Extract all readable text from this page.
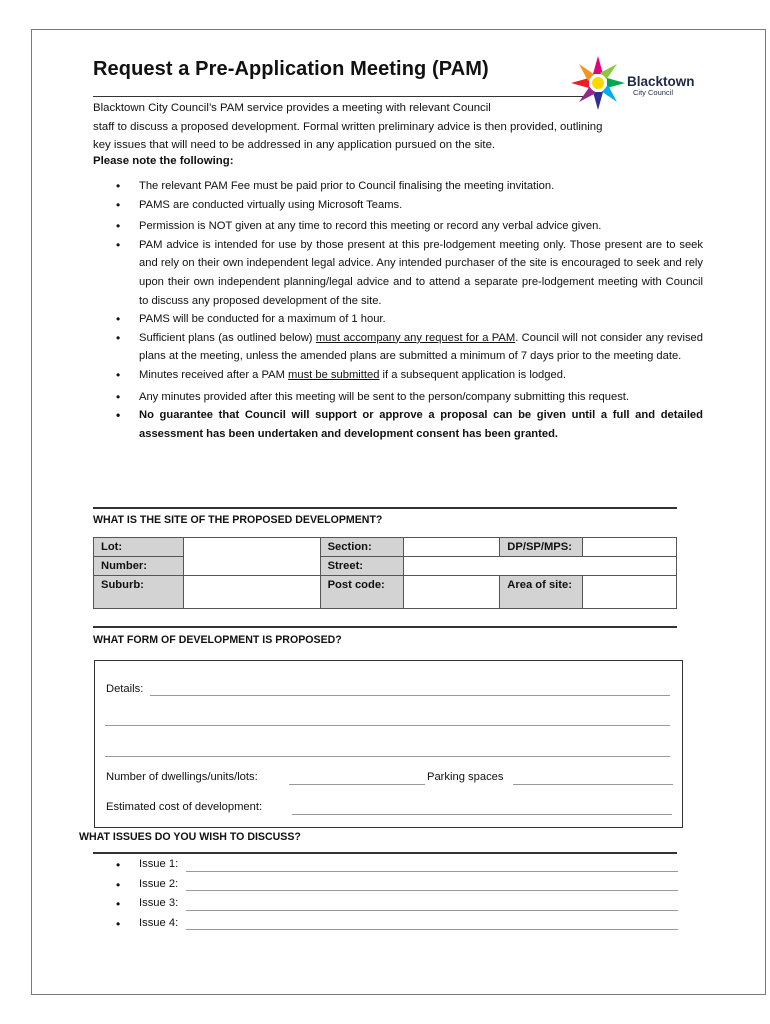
Request a Pre-Application Meeting (PAM)
Blacktown
City Council
Blacktown City Council’s PAM service provides a meeting with relevant Council
staff to discuss a proposed development. Formal written preliminary advice is then provided, outlining
key issues that will need to be addressed in any application pursued on the site.
Please note the following:
• The relevant PAM Fee must be paid prior to Council finalising the meeting invitation.
• PAMS are conducted virtually using Microsoft Teams.
• Permission is NOT given at any time to record this meeting or record any verbal advice given.
• PAM advice is intended for use by those present at this pre-lodgement meeting only. Those present are to seek and rely on their own independent legal advice. Any intended purchaser of the site is encouraged to seek and rely upon their own independent planning/legal advice and to attend a separate pre-lodgement meeting with Council to discuss any proposed development of the site.
• PAMS will be conducted for a maximum of 1 hour.
• Sufficient plans (as outlined below) must accompany any request for a PAM. Council will not consider any revised plans at the meeting, unless the amended plans are submitted a minimum of 7 days prior to the meeting date.
• Minutes received after a PAM must be submitted if a subsequent application is lodged.
• Any minutes provided after this meeting will be sent to the person/company submitting this request.
• No guarantee that Council will support or approve a proposal can be given until a full and detailed assessment has been undertaken and development consent has been granted.
WHAT IS THE SITE OF THE PROPOSED DEVELOPMENT?
Lot:		Section:		DP/SP/MPS:	
Number:		Street:			
Suburb:		Post code:		Area of site:	
WHAT FORM OF DEVELOPMENT IS PROPOSED?
Details:
Number of dwellings/units/lots:	Parking spaces
Estimated cost of development:
WHAT ISSUES DO YOU WISH TO DISCUSS?
• Issue 1:
• Issue 2:
• Issue 3:
• Issue 4:
